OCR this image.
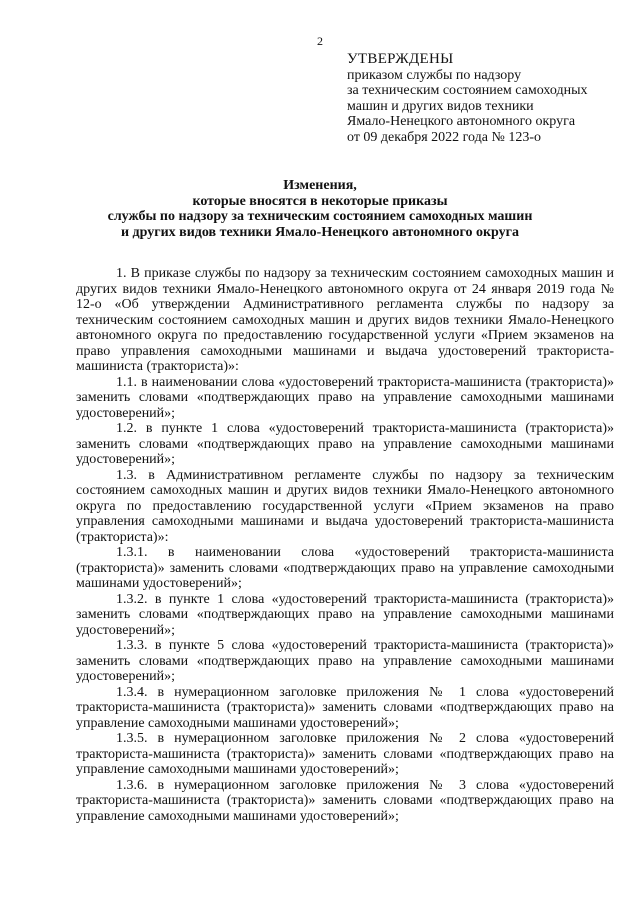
2
УТВЕРЖДЕНЫ
приказом службы по надзору
за техническим состоянием самоходных
машин и других видов техники
Ямало-Ненецкого автономного округа
от 09 декабря 2022 года № 123-о
Изменения,
которые вносятся в некоторые приказы
службы по надзору за техническим состоянием самоходных машин
и других видов техники Ямало-Ненецкого автономного округа

1. В приказе службы по надзору за техническим состоянием самоходных машин и других видов техники Ямало-Ненецкого автономного округа от 24 января 2019 года № 12-о «Об утверждении Административного регламента службы по надзору за техническим состоянием самоходных машин и других видов техники Ямало-Ненецкого автономного округа по предоставлению государственной услуги «Прием экзаменов на право управления самоходными машинами и выдача удостоверений тракториста-машиниста (тракториста)»:

1.1. в наименовании слова «удостоверений тракториста-машиниста (тракториста)» заменить словами «подтверждающих право на управление самоходными машинами удостоверений»;

1.2. в пункте 1 слова «удостоверений тракториста-машиниста (тракториста)» заменить словами «подтверждающих право на управление самоходными машинами удостоверений»;

1.3. в Административном регламенте службы по надзору за техническим состоянием самоходных машин и других видов техники Ямало-Ненецкого автономного округа по предоставлению государственной услуги «Прием экзаменов на право управления самоходными машинами и выдача удостоверений тракториста-машиниста (тракториста)»:

1.3.1. в наименовании слова «удостоверений тракториста-машиниста (тракториста)» заменить словами «подтверждающих право на управление самоходными машинами удостоверений»;

1.3.2. в пункте 1 слова «удостоверений тракториста-машиниста (тракториста)» заменить словами «подтверждающих право на управление самоходными машинами удостоверений»;

1.3.3. в пункте 5 слова «удостоверений тракториста-машиниста (тракториста)» заменить словами «подтверждающих право на управление самоходными машинами удостоверений»;

1.3.4. в нумерационном заголовке приложения № 1 слова «удостоверений тракториста-машиниста (тракториста)» заменить словами «подтверждающих право на управление самоходными машинами удостоверений»;

1.3.5. в нумерационном заголовке приложения № 2 слова «удостоверений тракториста-машиниста (тракториста)» заменить словами «подтверждающих право на управление самоходными машинами удостоверений»;

1.3.6. в нумерационном заголовке приложения № 3 слова «удостоверений тракториста-машиниста (тракториста)» заменить словами «подтверждающих право на управление самоходными машинами удостоверений»;
